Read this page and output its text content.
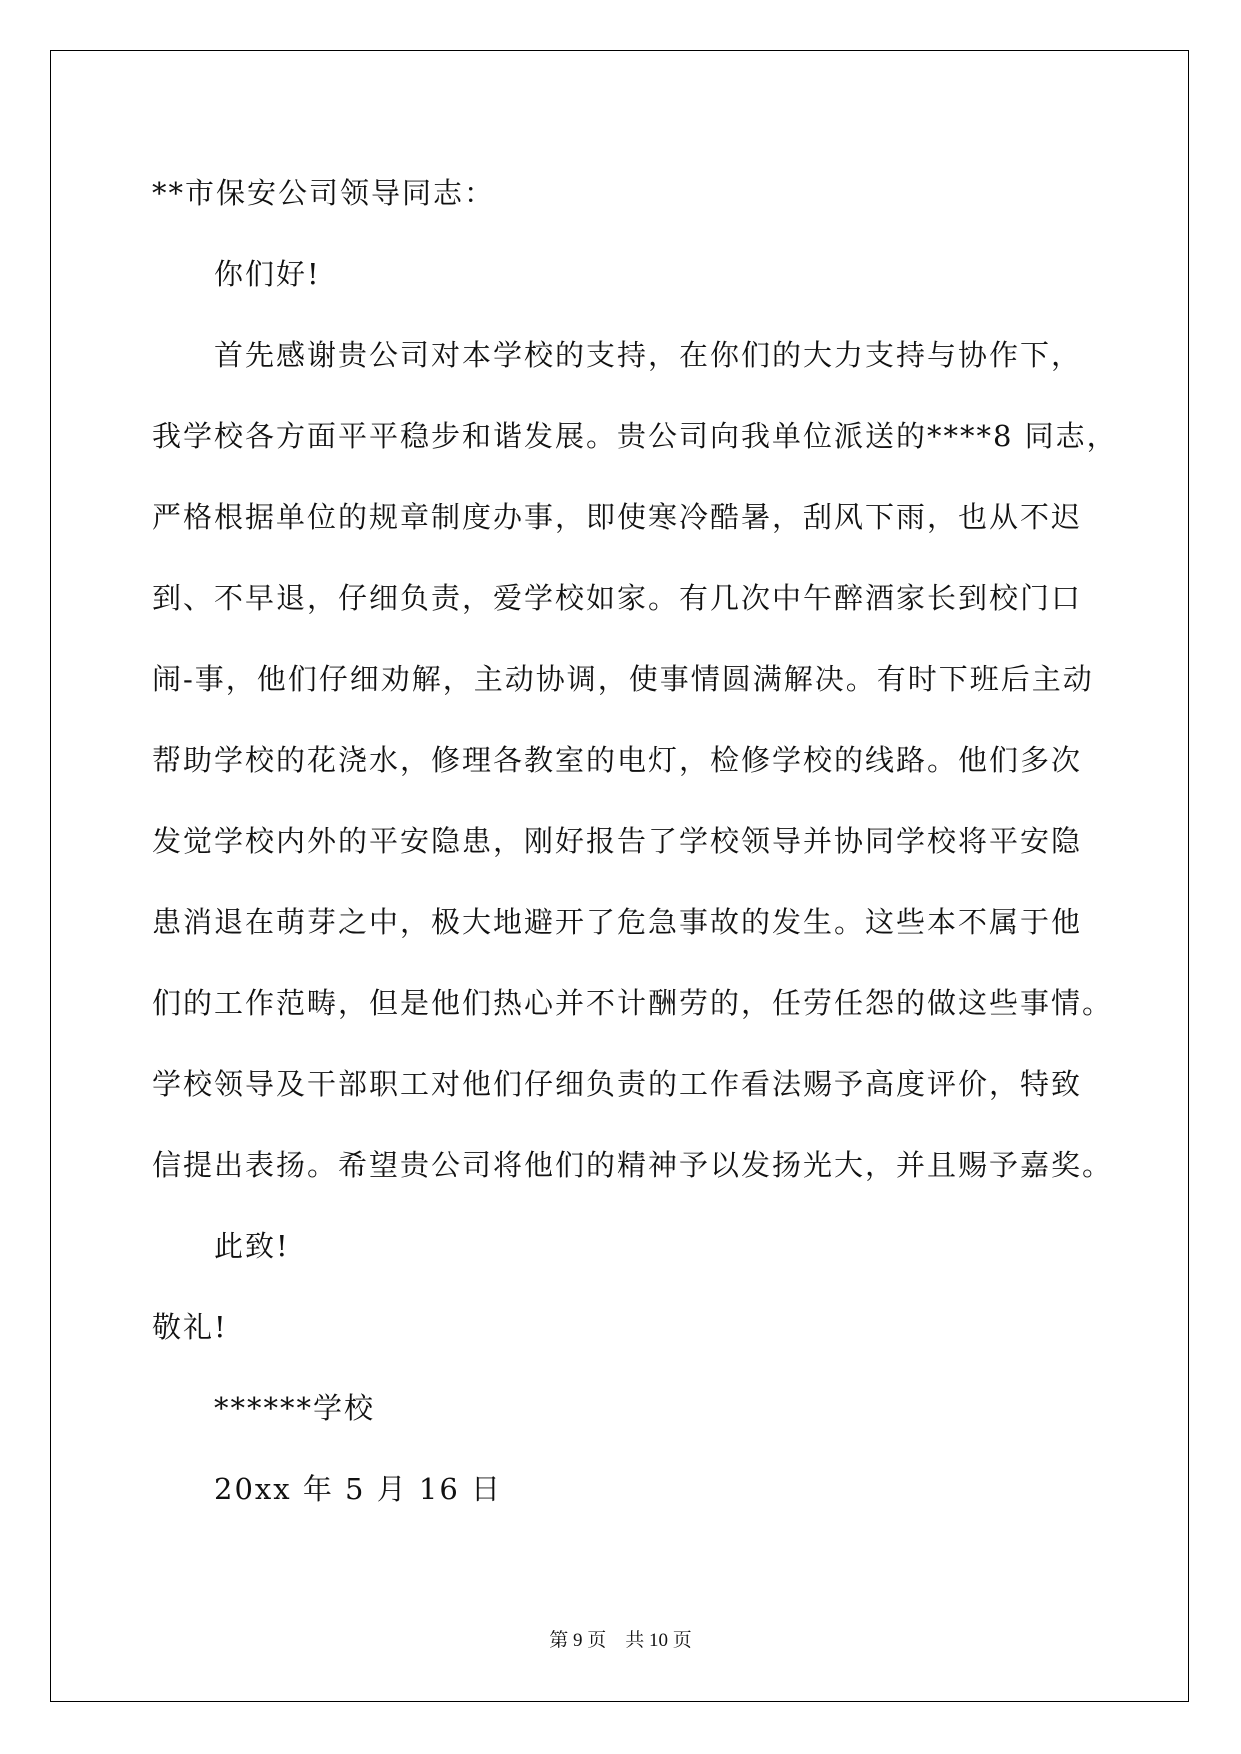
**市保安公司领导同志：
你们好!
首先感谢贵公司对本学校的支持，在你们的大力支持与协作下，
我学校各方面平平稳步和谐发展。贵公司向我单位派送的****8 同志，
严格根据单位的规章制度办事，即使寒冷酷暑，刮风下雨，也从不迟
到、不早退，仔细负责，爱学校如家。有几次中午醉酒家长到校门口
闹-事，他们仔细劝解，主动协调，使事情圆满解决。有时下班后主动
帮助学校的花浇水，修理各教室的电灯，检修学校的线路。他们多次
发觉学校内外的平安隐患，刚好报告了学校领导并协同学校将平安隐
患消退在萌芽之中，极大地避开了危急事故的发生。这些本不属于他
们的工作范畴，但是他们热心并不计酬劳的，任劳任怨的做这些事情。
学校领导及干部职工对他们仔细负责的工作看法赐予高度评价，特致
信提出表扬。希望贵公司将他们的精神予以发扬光大，并且赐予嘉奖。
此致!
敬礼!
******学校
20xx 年 5 月 16 日
第 9 页 共 10 页
